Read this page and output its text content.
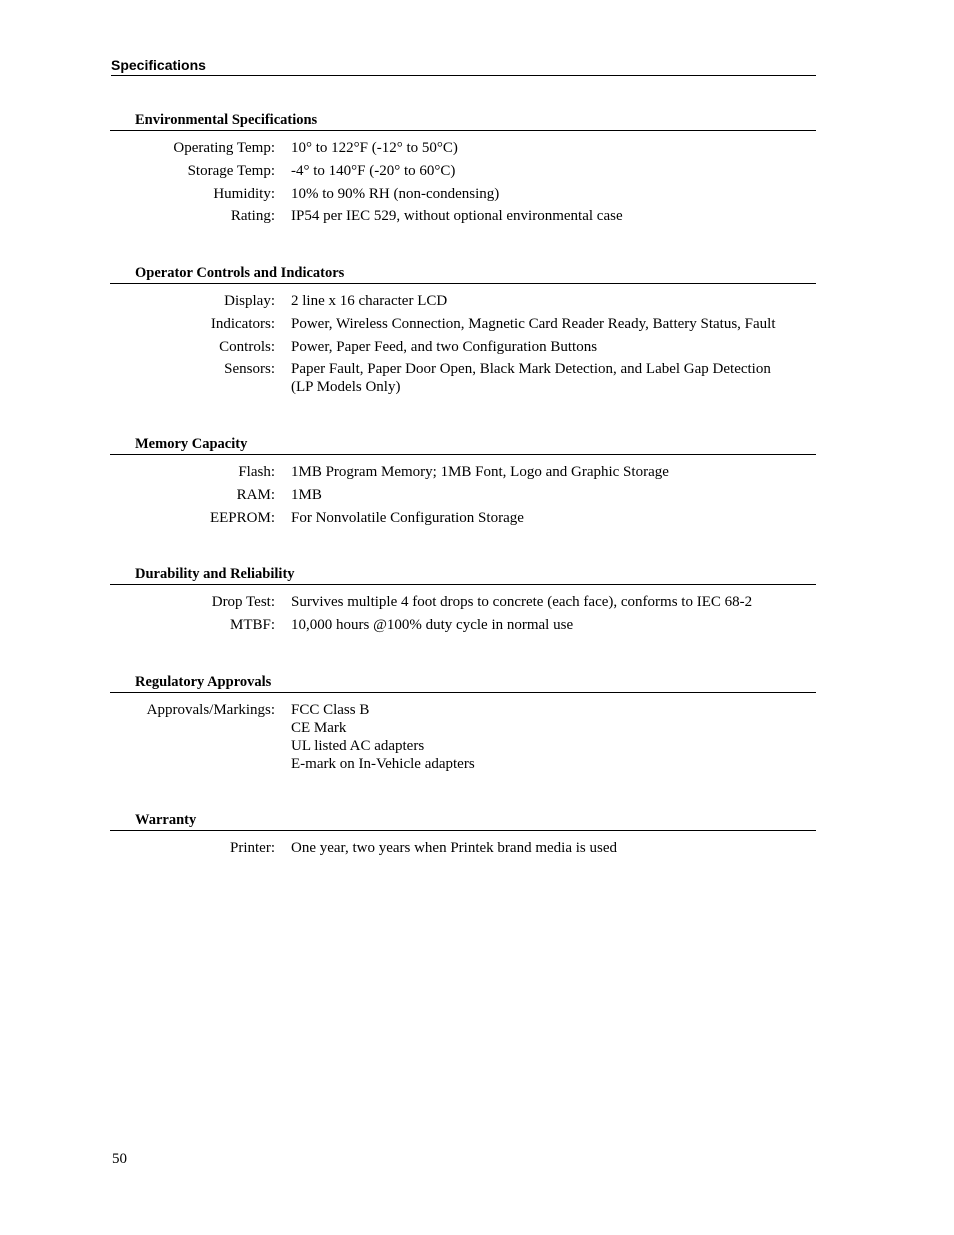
Specifications
Environmental Specifications
Operating Temp: 10° to 122°F (-12° to 50°C)
Storage Temp: -4° to 140°F (-20° to 60°C)
Humidity: 10% to 90% RH (non-condensing)
Rating: IP54 per IEC 529, without optional environmental case
Operator Controls and Indicators
Display: 2 line x 16 character LCD
Indicators: Power, Wireless Connection, Magnetic Card Reader Ready, Battery Status, Fault
Controls: Power, Paper Feed, and two Configuration Buttons
Sensors: Paper Fault, Paper Door Open, Black Mark Detection, and Label Gap Detection
(LP Models Only)
Memory Capacity
Flash: 1MB Program Memory; 1MB Font, Logo and Graphic Storage
RAM: 1MB
EEPROM: For Nonvolatile Configuration Storage
Durability and Reliability
Drop Test: Survives multiple 4 foot drops to concrete (each face), conforms to IEC 68-2
MTBF: 10,000 hours @100% duty cycle in normal use
Regulatory Approvals
Approvals/Markings: FCC Class B
CE Mark
UL listed AC adapters
E-mark on In-Vehicle adapters
Warranty
Printer: One year, two years when Printek brand media is used
50
